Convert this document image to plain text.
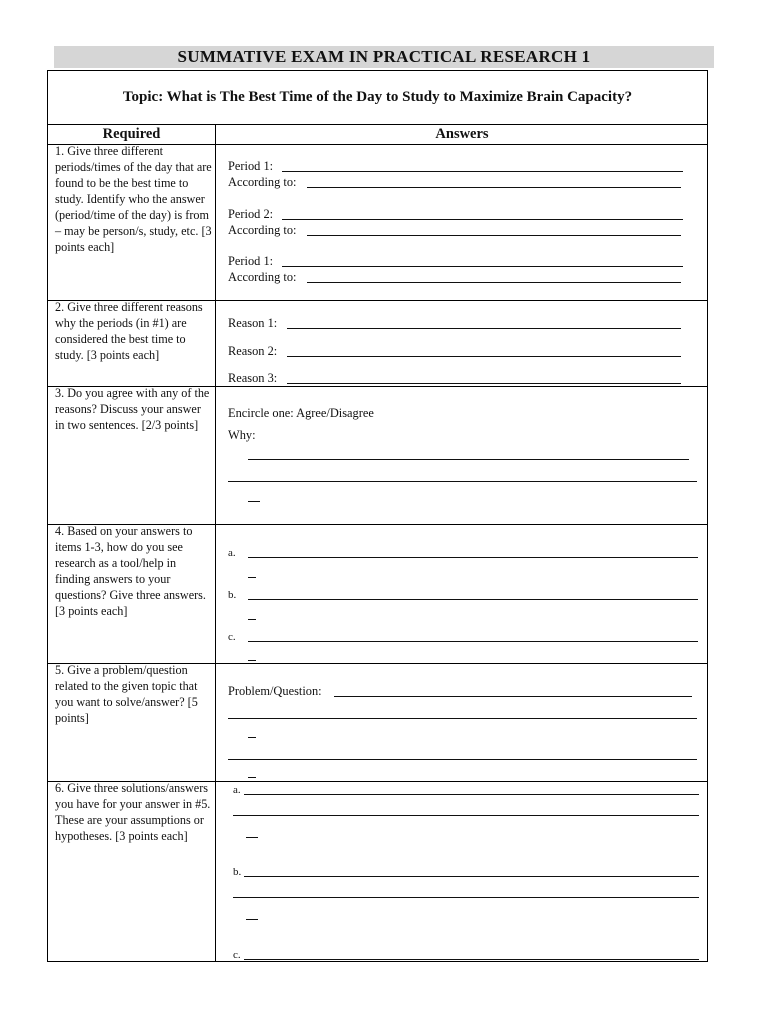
SUMMATIVE EXAM IN PRACTICAL RESEARCH 1
Topic: What is The Best Time of the Day to Study to Maximize Brain Capacity?
Required	Answers
1. Give three different periods/times of the day that are found to be the best time to study. Identify who the answer (period/time of the day) is from – may be person/s, study, etc. [3 points each]
Period 1:
According to:
Period 2:
According to:
Period 1:
According to:
2. Give three different reasons why the periods (in #1) are considered the best time to study. [3 points each]
Reason 1:
Reason 2:
Reason 3:
3. Do you agree with any of the reasons? Discuss your answer in two sentences. [2/3 points]
Encircle one: Agree/Disagree
Why:
4. Based on your answers to items 1-3, how do you see research as a tool/help in finding answers to your questions? Give three answers. [3 points each]
a.
b.
c.
5. Give a problem/question related to the given topic that you want to solve/answer? [5 points]
Problem/Question:
6. Give three solutions/answers you have for your answer in #5. These are your assumptions or hypotheses. [3 points each]
a.
b.
c.
